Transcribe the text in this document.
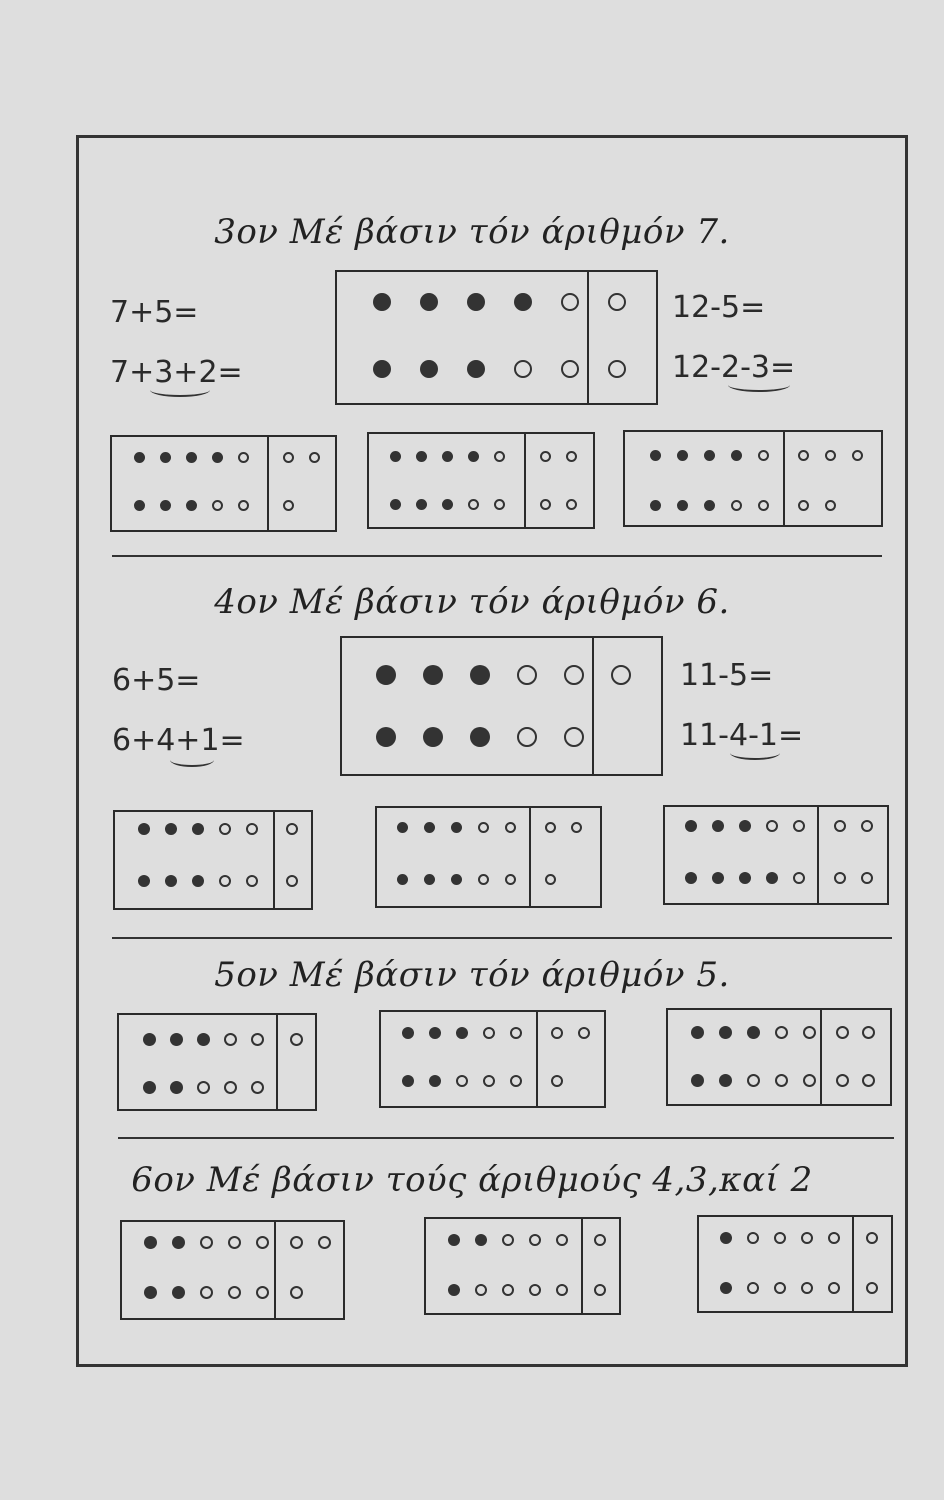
3ον Μέ βάσιν τόν άριθμόν 7.
7+5=
7+3+2=
12-5=
12-2-3=
4ον Μέ βάσιν τόν άριθμόν 6.
6+5=
6+4+1=
11-5=
11-4-1=
5ον Μέ βάσιν τόν άριθμόν 5.
6ον Μέ βάσιν τούς άριθμούς 4,3,καί 2
